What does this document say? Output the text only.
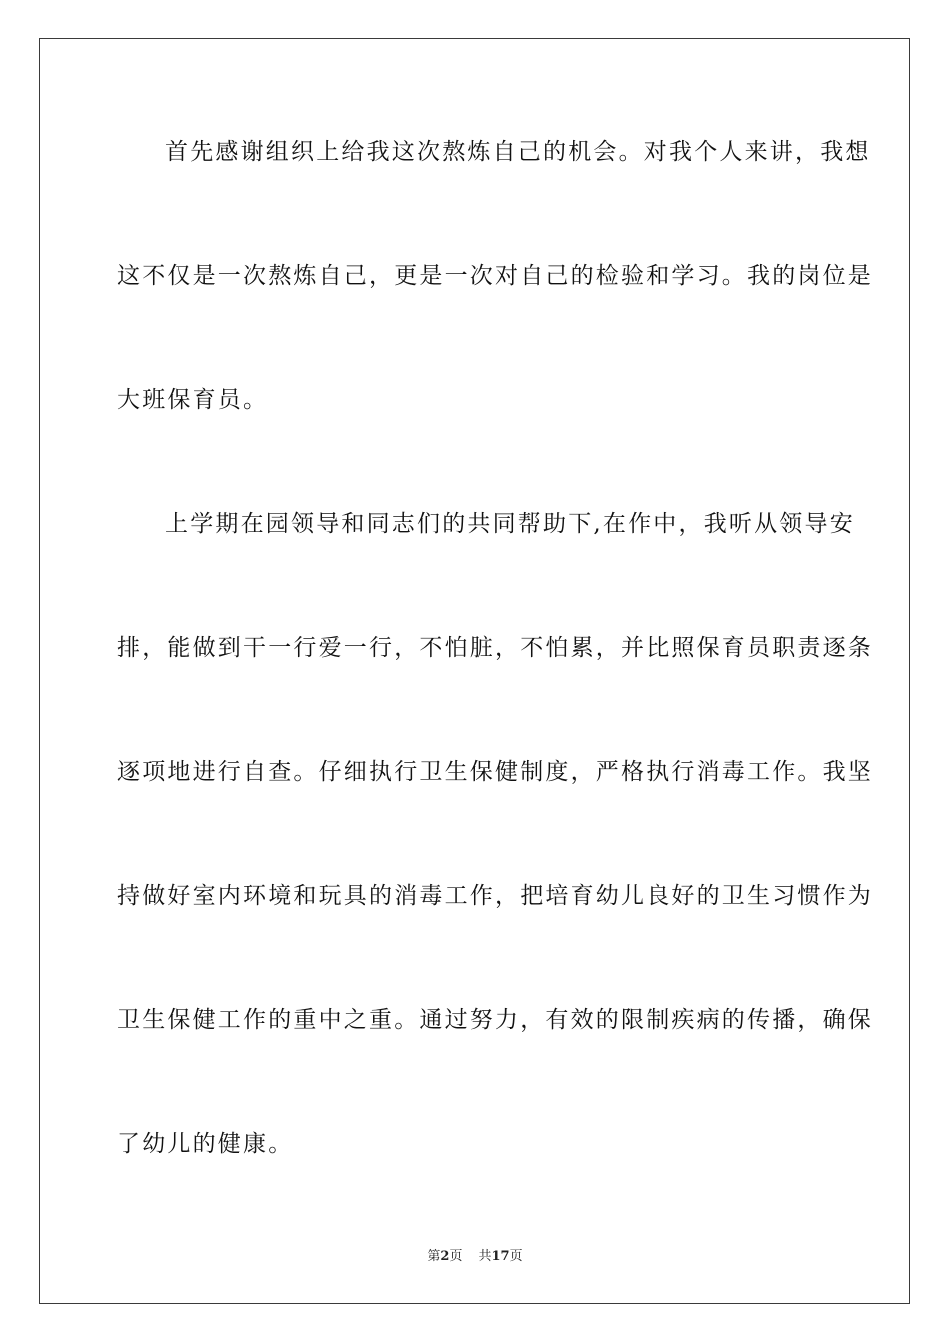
首先感谢组织上给我这次熬炼自己的机会。对我个人来讲，我想
这不仅是一次熬炼自己，更是一次对自己的检验和学习。我的岗位是
大班保育员。
上学期在园领导和同志们的共同帮助下,在作中，我听从领导安
排，能做到干一行爱一行，不怕脏，不怕累，并比照保育员职责逐条
逐项地进行自查。仔细执行卫生保健制度，严格执行消毒工作。我坚
持做好室内环境和玩具的消毒工作，把培育幼儿良好的卫生习惯作为
卫生保健工作的重中之重。通过努力，有效的限制疾病的传播，确保
了幼儿的健康。
第2页 共17页
